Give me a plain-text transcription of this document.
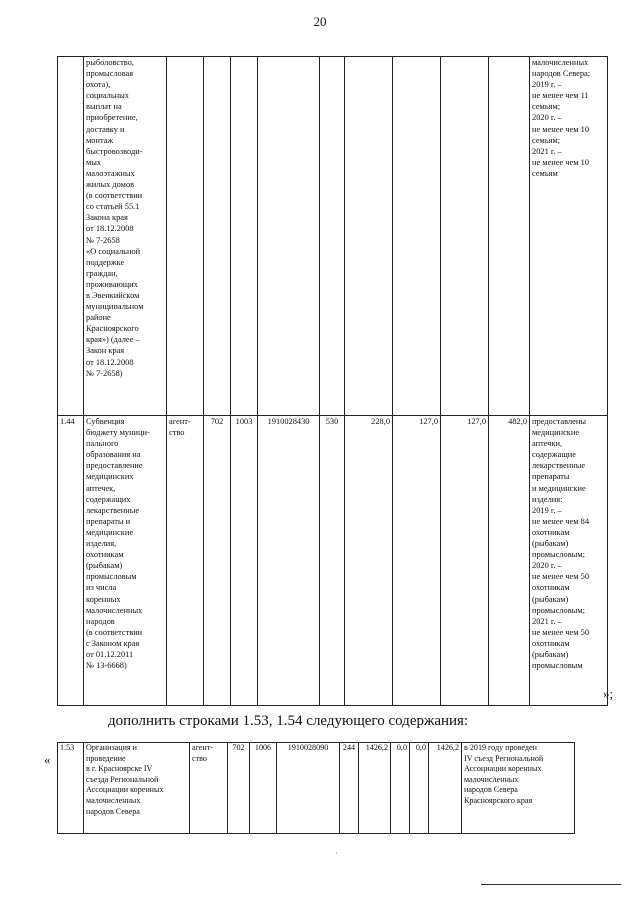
20
	рыболовство,
промысловая
охота),
социальных
выплат на
приобретение,
доставку и
монтаж
быстровозводи-
мых
малоэтажных
жилых домов
(в соответствии
со статьей 55.1
Закона края
от 18.12.2008
№ 7-2658
«О социальной
поддержке
граждан,
проживающих
в Эвенкийском
муниципальном
районе
Красноярского
края») (далее –
Закон края
от 18.12.2008
№ 7-2658)										малочисленных
народов Севера:
2019 г. –
не менее чем 11
семьям;
2020 г. –
не менее чем 10
семьям;
2021 г. –
не менее чем 10
семьям
1.44	Субвенция
бюджету муници-
пального
образования на
предоставление
медицинских
аптечек,
содержащих
лекарственные
препараты и
медицинские
изделия,
охотникам
(рыбакам)
промысловым
из числа
коренных
малочисленных
народов
(в соответствии
с Законом края
от 01.12.2011
№ 13-6668)	агент-
ство	702	1003	1910028430	530	228,0	127,0	127,0	482,0	предоставлены
медицинские
аптечки,
содержащие
лекарственные
препараты
и медицинские
изделия:
2019 г. –
не менее чем 84
охотникам
(рыбакам)
промысловым;
2020 г. –
не менее чем 50
охотникам
(рыбакам)
промысловым;
2021 г. –
не менее чем 50
охотникам
(рыбакам)
промысловым
»;
дополнить строками 1.53, 1.54 следующего содержания:
«
1.53	Организация и
проведение
в г. Красноярске IV
съезда Региональной
Ассоциации коренных
малочисленных
народов Севера	агент-
ство	702	1006	1910028090	244	1426,2	0,0	0,0	1426,2	в 2019 году проведен
IV съезд Региональной
Ассоциации коренных
малочисленных
народов Севера
Красноярского края
·
